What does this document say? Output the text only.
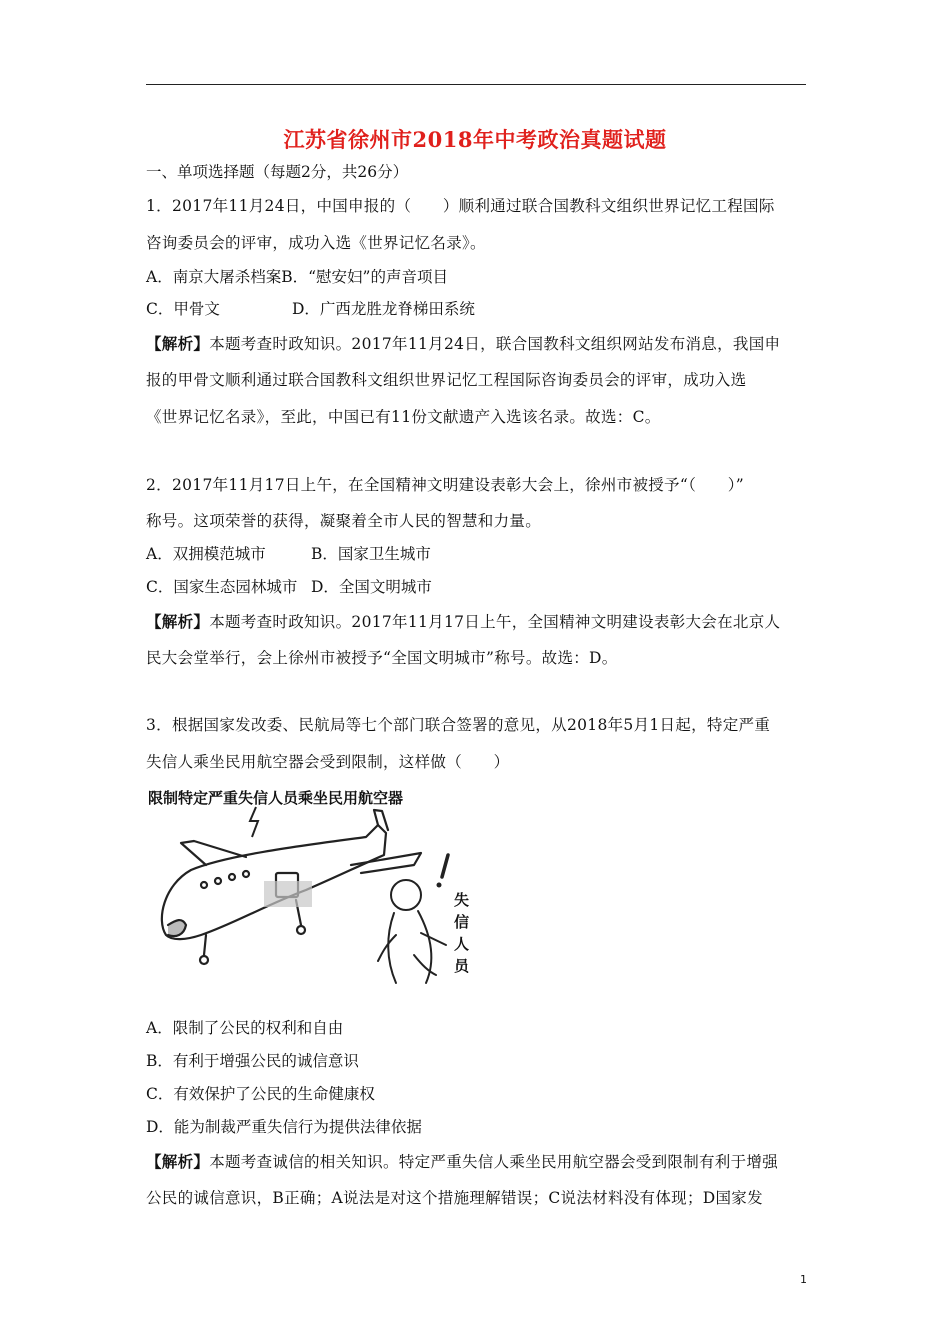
江苏省徐州市2018年中考政治真题试题
一、单项选择题（每题2分，共26分）
1．2017年11月24日，中国申报的（　　）顺利通过联合国教科文组织世界记忆工程国际
咨询委员会的评审，成功入选《世界记忆名录》。
A．南京大屠杀档案B．“慰安妇”的声音项目
C．甲骨文	D．广西龙胜龙脊梯田系统
【解析】本题考查时政知识。2017年11月24日，联合国教科文组织网站发布消息，我国申
报的甲骨文顺利通过联合国教科文组织世界记忆工程国际咨询委员会的评审，成功入选
《世界记忆名录》，至此，中国已有11份文献遗产入选该名录。故选：C。
2．2017年11月17日上午，在全国精神文明建设表彰大会上，徐州市被授予“（　　）”
称号。这项荣誉的获得，凝聚着全市人民的智慧和力量。
A．双拥模范城市	B．国家卫生城市
C．国家生态园林城市 D．全国文明城市
【解析】本题考查时政知识。2017年11月17日上午，全国精神文明建设表彰大会在北京人
民大会堂举行，会上徐州市被授予“全国文明城市”称号。故选：D。
3．根据国家发改委、民航局等七个部门联合签署的意见，从2018年5月1日起，特定严重
失信人乘坐民用航空器会受到限制，这样做（　　）
限制特定严重失信人员乘坐民用航空器
失
信
人
员
A．限制了公民的权利和自由
B．有利于增强公民的诚信意识
C．有效保护了公民的生命健康权
D．能为制裁严重失信行为提供法律依据
【解析】本题考查诚信的相关知识。特定严重失信人乘坐民用航空器会受到限制有利于增强
公民的诚信意识，B正确；A说法是对这个措施理解错误；C说法材料没有体现；D国家发
1
